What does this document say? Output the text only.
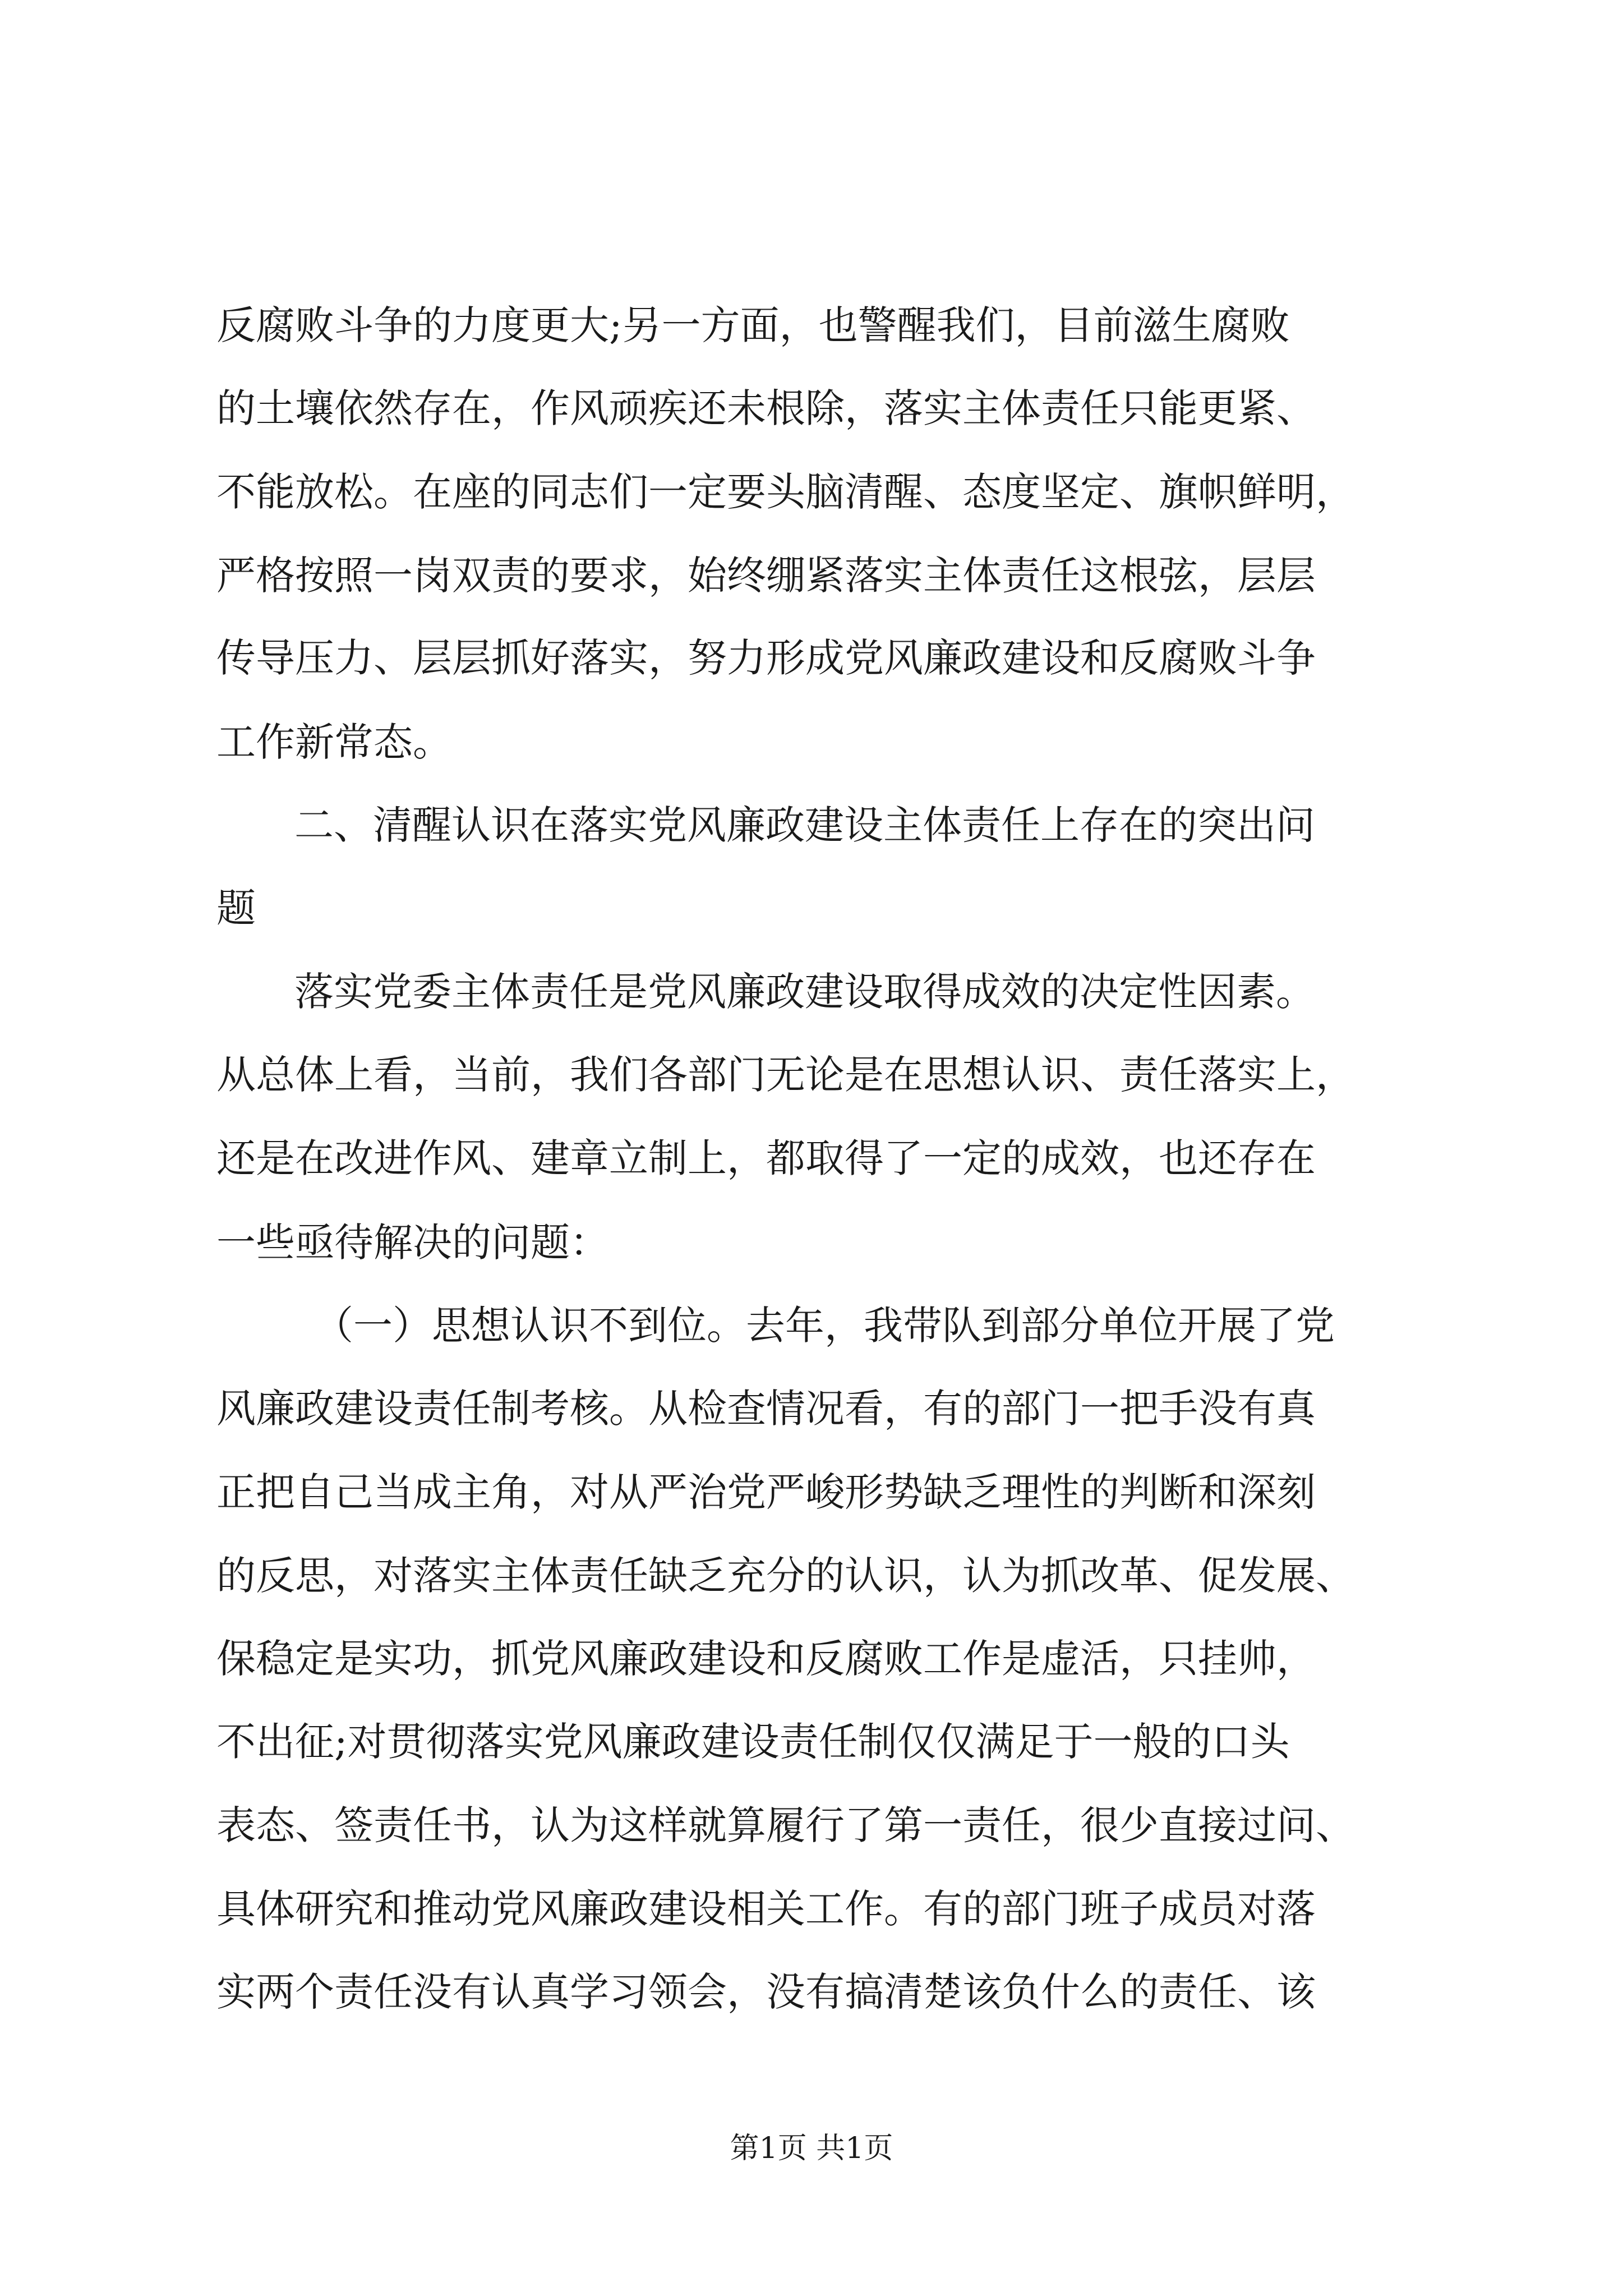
反腐败斗争的力度更大;另一方面，也警醒我们，目前滋生腐败
的土壤依然存在，作风顽疾还未根除，落实主体责任只能更紧、
不能放松。在座的同志们一定要头脑清醒、态度坚定、旗帜鲜明，
严格按照一岗双责的要求，始终绷紧落实主体责任这根弦，层层
传导压力、层层抓好落实，努力形成党风廉政建设和反腐败斗争
工作新常态。
二、清醒认识在落实党风廉政建设主体责任上存在的突出问
题
落实党委主体责任是党风廉政建设取得成效的决定性因素。
从总体上看，当前，我们各部门无论是在思想认识、责任落实上，
还是在改进作风、建章立制上，都取得了一定的成效，也还存在
一些亟待解决的问题：
（一）思想认识不到位。去年，我带队到部分单位开展了党
风廉政建设责任制考核。从检查情况看，有的部门一把手没有真
正把自己当成主角，对从严治党严峻形势缺乏理性的判断和深刻
的反思，对落实主体责任缺乏充分的认识，认为抓改革、促发展、
保稳定是实功，抓党风廉政建设和反腐败工作是虚活，只挂帅，
不出征;对贯彻落实党风廉政建设责任制仅仅满足于一般的口头
表态、签责任书，认为这样就算履行了第一责任，很少直接过问、
具体研究和推动党风廉政建设相关工作。有的部门班子成员对落
实两个责任没有认真学习领会，没有搞清楚该负什么的责任、该
第1页 共1页
